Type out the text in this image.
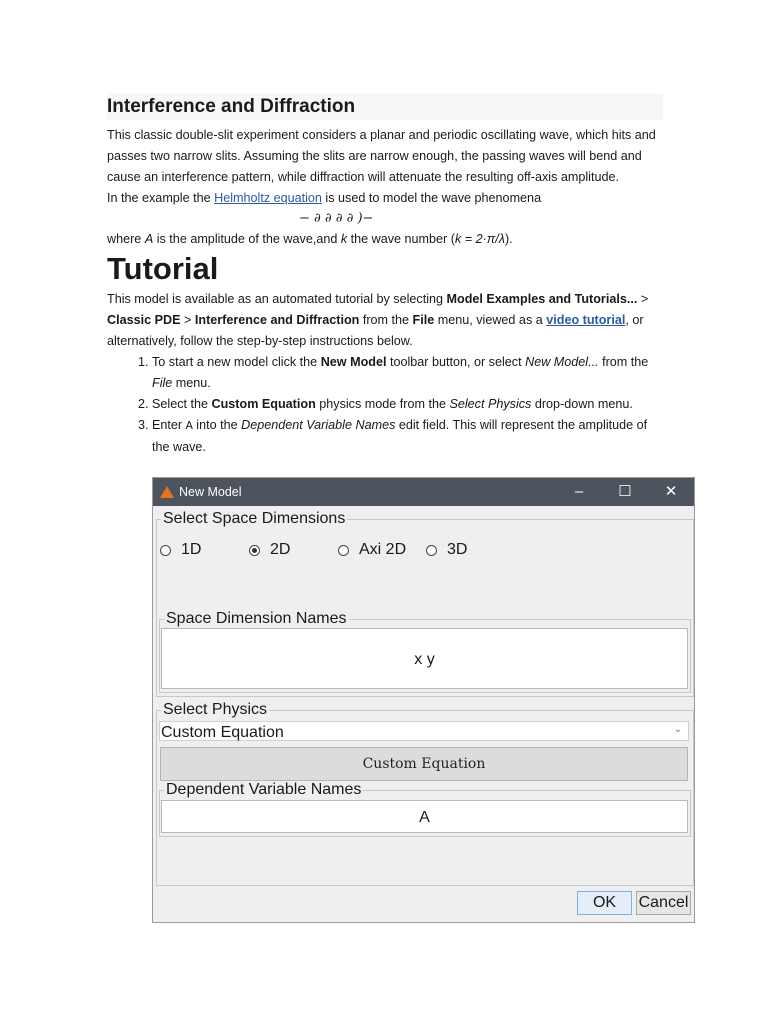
Interference and Diffraction

This classic double-slit experiment considers a planar and periodic oscillating wave, which hits and passes two narrow slits. Assuming the slits are narrow enough, the passing waves will bend and cause an interference pattern, while diffraction will attenuate the resulting off-axis amplitude.

In the example the Helmholtz equation is used to model the wave phenomena

− ∂ ∂ ∂ ∂ )−

where A is the amplitude of the wave,and k the wave number (k = 2·π/λ).

Tutorial

This model is available as an automated tutorial by selecting Model Examples and Tutorials... > Classic PDE > Interference and Diffraction from the File menu, viewed as a video tutorial, or alternatively, follow the step-by-step instructions below.

1. To start a new model click the New Model toolbar button, or select New Model... from the File menu.
2. Select the Custom Equation physics mode from the Select Physics drop-down menu.
3. Enter A into the Dependent Variable Names edit field. This will represent the amplitude of the wave.
New Model	–	☐	✕
Select Space Dimensions
1D	2D	Axi 2D	3D
Space Dimension Names
x y
Select Physics
Custom Equation	⌄
Custom Equation
Dependent Variable Names
A
OK	Cancel
